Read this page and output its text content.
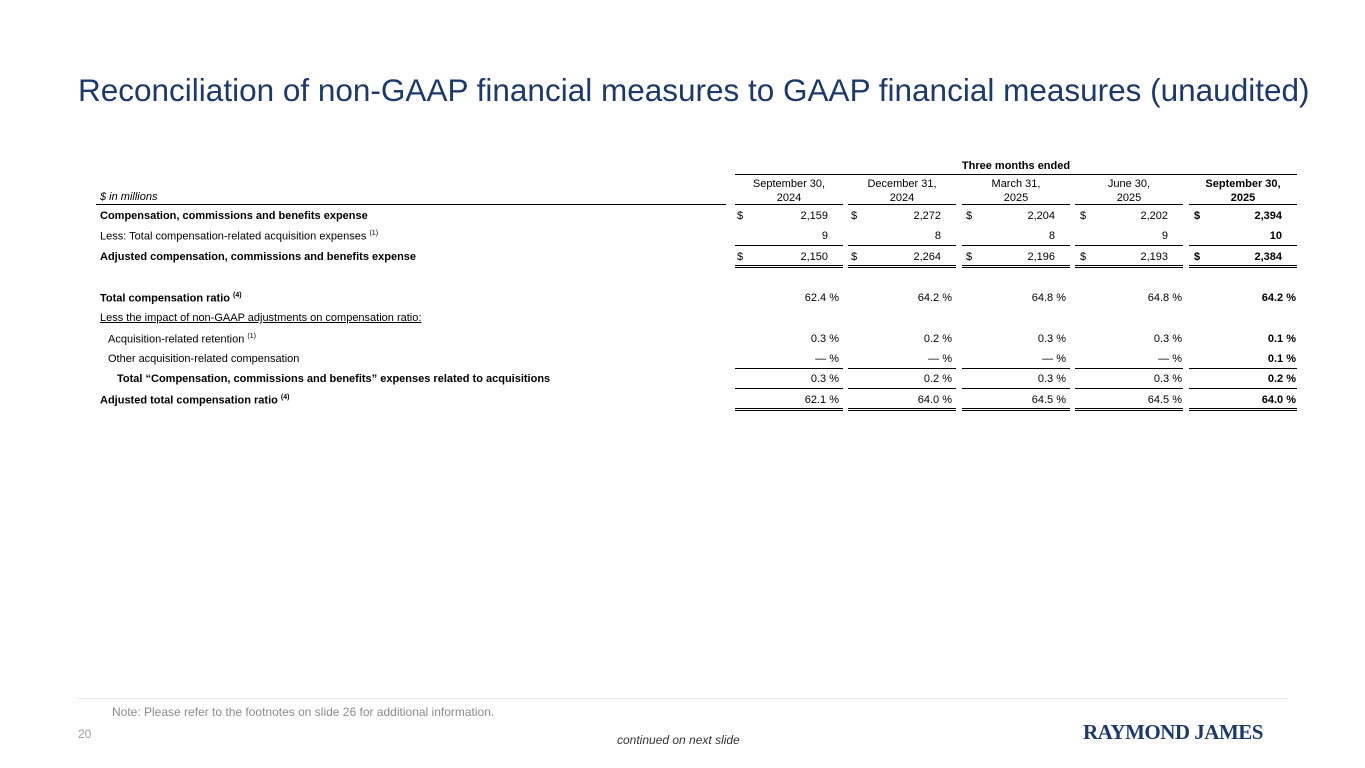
Reconciliation of non-GAAP financial measures to GAAP financial measures (unaudited)
Three months ended
September 30,
2024
December 31,
2024
March 31,
2025
June 30,
2025
September 30,
2025
$ in millions
Compensation, commissions and benefits expense	$	2,159 $	2,272 $	2,204 $	2,202 $	2,394
Less: Total compensation-related acquisition expenses $^{(1)}$	9	8	8	9	10
Adjusted compensation, commissions and benefits expense	$	2,150 $	2,264 $	2,196 $	2,193 $	2,384
Total compensation ratio $^{(4)}$	62.4 %	64.2 %	64.8 %	64.8 %	64.2 %
Less the impact of non-GAAP adjustments on compensation ratio:
Acquisition-related retention $^{(1)}$	0.3 %	0.2 %	0.3 %	0.3 %	0.1 %
Other acquisition-related compensation	— %	— %	— %	— %	0.1 %
Total “Compensation, commissions and benefits” expenses related to acquisitions	0.3 %	0.2 %	0.3 %	0.3 %	0.2 %
Adjusted total compensation ratio $^{(4)}$	62.1 %	64.0 %	64.5 %	64.5 %	64.0 %
Note: Please refer to the footnotes on slide 26 for additional information.
20	continued on next slide	RAYMOND JAMES
